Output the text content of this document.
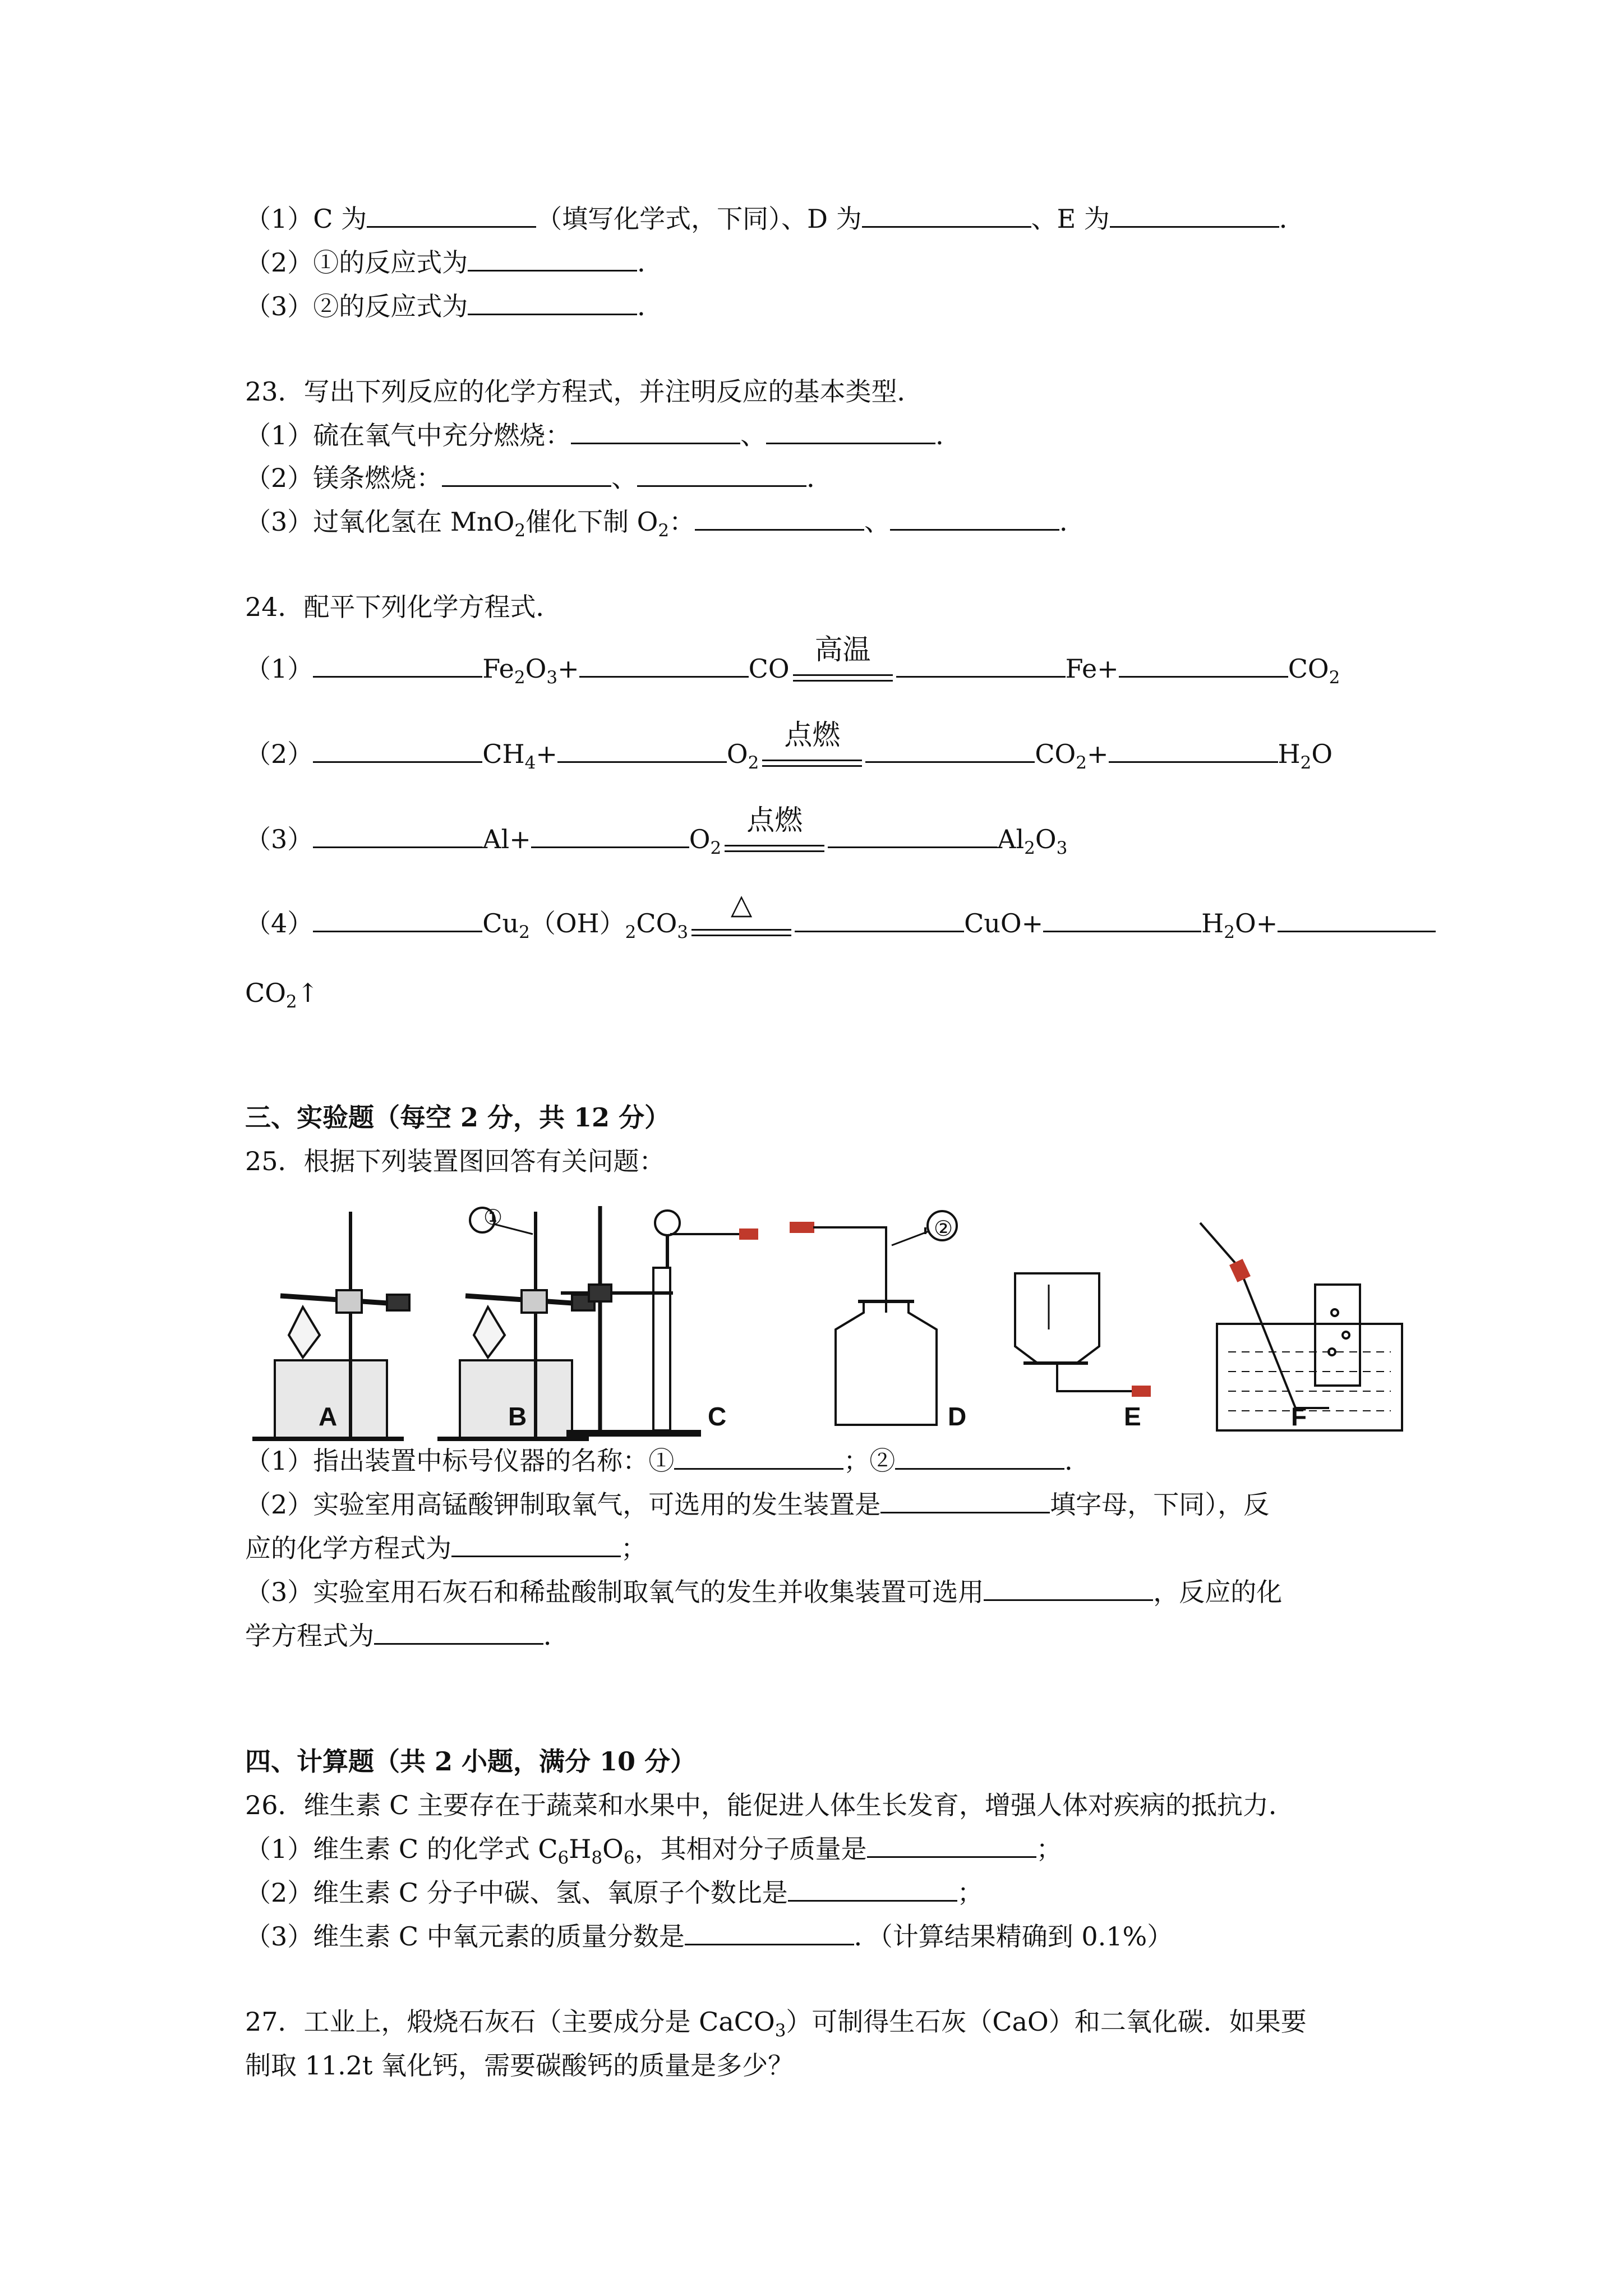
（1）C 为	（填写化学式，下同）、D 为	、E 为	．
（2）①的反应式为	．
（3）②的反应式为	．
23．写出下列反应的化学方程式，并注明反应的基本类型．
（1）硫在氧气中充分燃烧：	、	．
（2）镁条燃烧：	、	．
（3）过氧化氢在 MnO$_2$催化下制 $O_2$：	、	．
24．配平下列化学方程式．
（1）	$Fe_2O_3+$	CO
高温
Fe+	$CO_2$
（2）	$CH_4+$	$O_2$
点燃
$CO_2+$	$H_2O$
（3）	Al+	$O_2$
点燃
$Al_2O_3$
（4）	$Cu_2(OH)_2CO_3$
△
CuO+	$H_2O+$
$CO_2↑$
三、实验题（每空 2 分，共 12 分）
25．根据下列装置图回答有关问题：
A	B	C	D	E	F
①	②
（1）指出装置中标号仪器的名称：①	；②	．
（2）实验室用高锰酸钾制取氧气，可选用的发生装置是	填字母，下同），反
应的化学方程式为	；
（3）实验室用石灰石和稀盐酸制取氧气的发生并收集装置可选用	，反应的化
学方程式为	．
四、计算题（共 2 小题，满分 10 分）
26．维生素 C 主要存在于蔬菜和水果中，能促进人体生长发育，增强人体对疾病的抵抗力．
（1）维生素 C 的化学式 $C_6H_8O_6$，其相对分子质量是	；
（2）维生素 C 分子中碳、氢、氧原子个数比是	；
（3）维生素 C 中氧元素的质量分数是	．（计算结果精确到 0.1%）
27．工业上，煅烧石灰石（主要成分是 CaCO$_3$）可制得生石灰（CaO）和二氧化碳．如果要
制取 11.2t 氧化钙，需要碳酸钙的质量是多少？
